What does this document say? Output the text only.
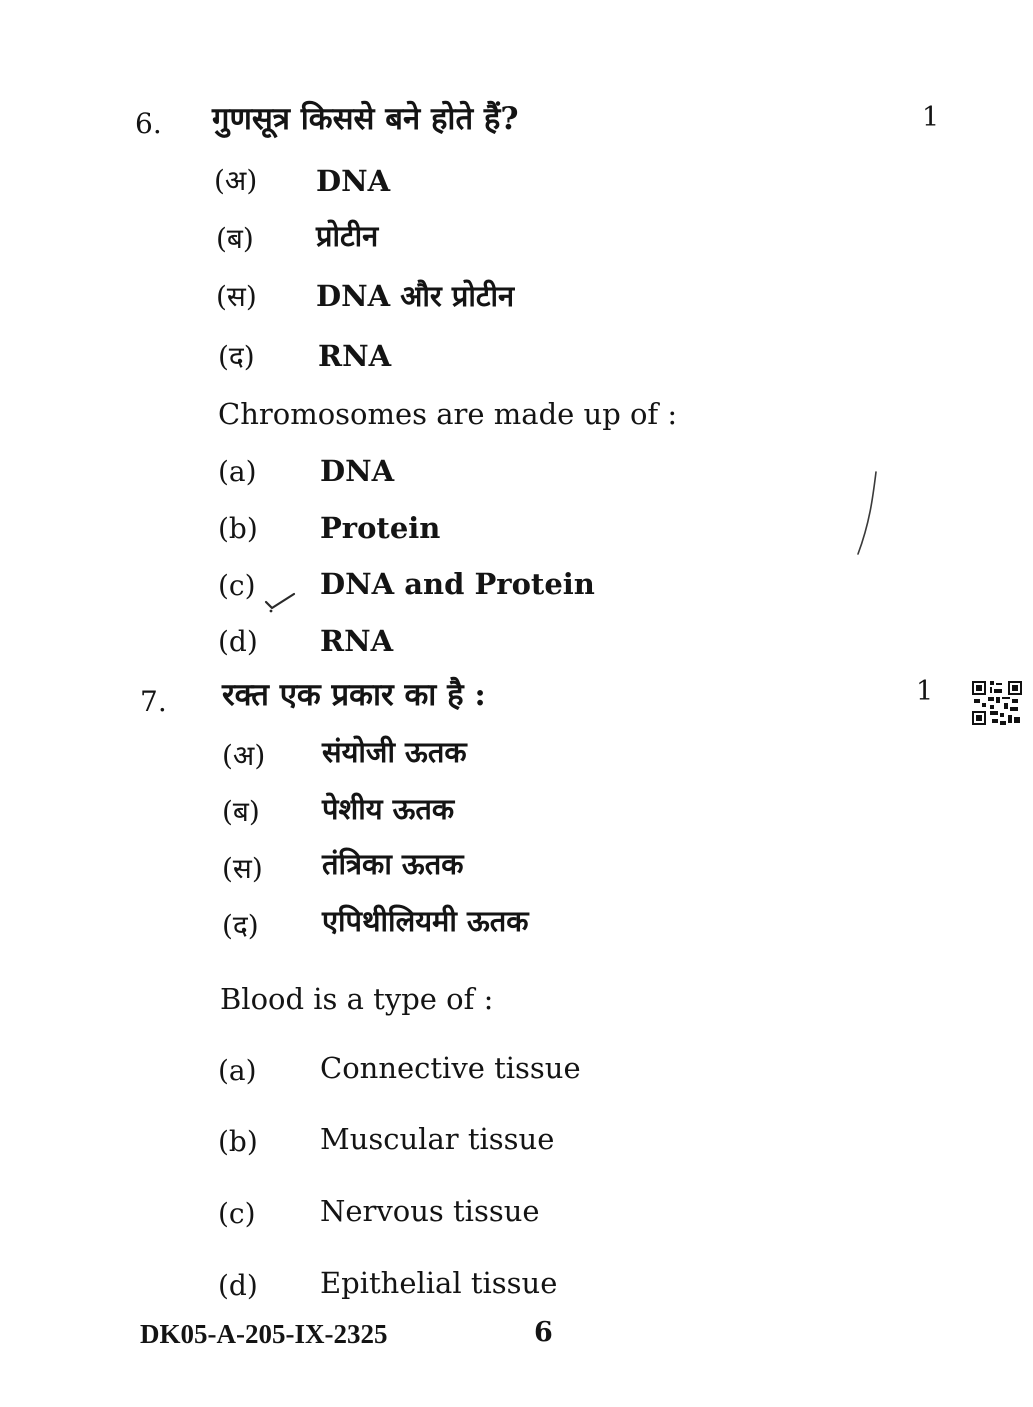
6. गुणसूत्र किससे बने होते हैं?	1
(अ) DNA
(ब) प्रोटीन
(स) DNA और प्रोटीन
(द) RNA
Chromosomes are made up of :
(a) DNA
(b) Protein
(c) DNA and Protein
(d) RNA
7. रक्त एक प्रकार का है :	1
(अ) संयोजी ऊतक
(ब) पेशीय ऊतक
(स) तंत्रिका ऊतक
(द) एपिथीलियमी ऊतक
Blood is a type of :
(a) Connective tissue
(b) Muscular tissue
(c) Nervous tissue
(d) Epithelial tissue
DK05-A-205-IX-2325	6
